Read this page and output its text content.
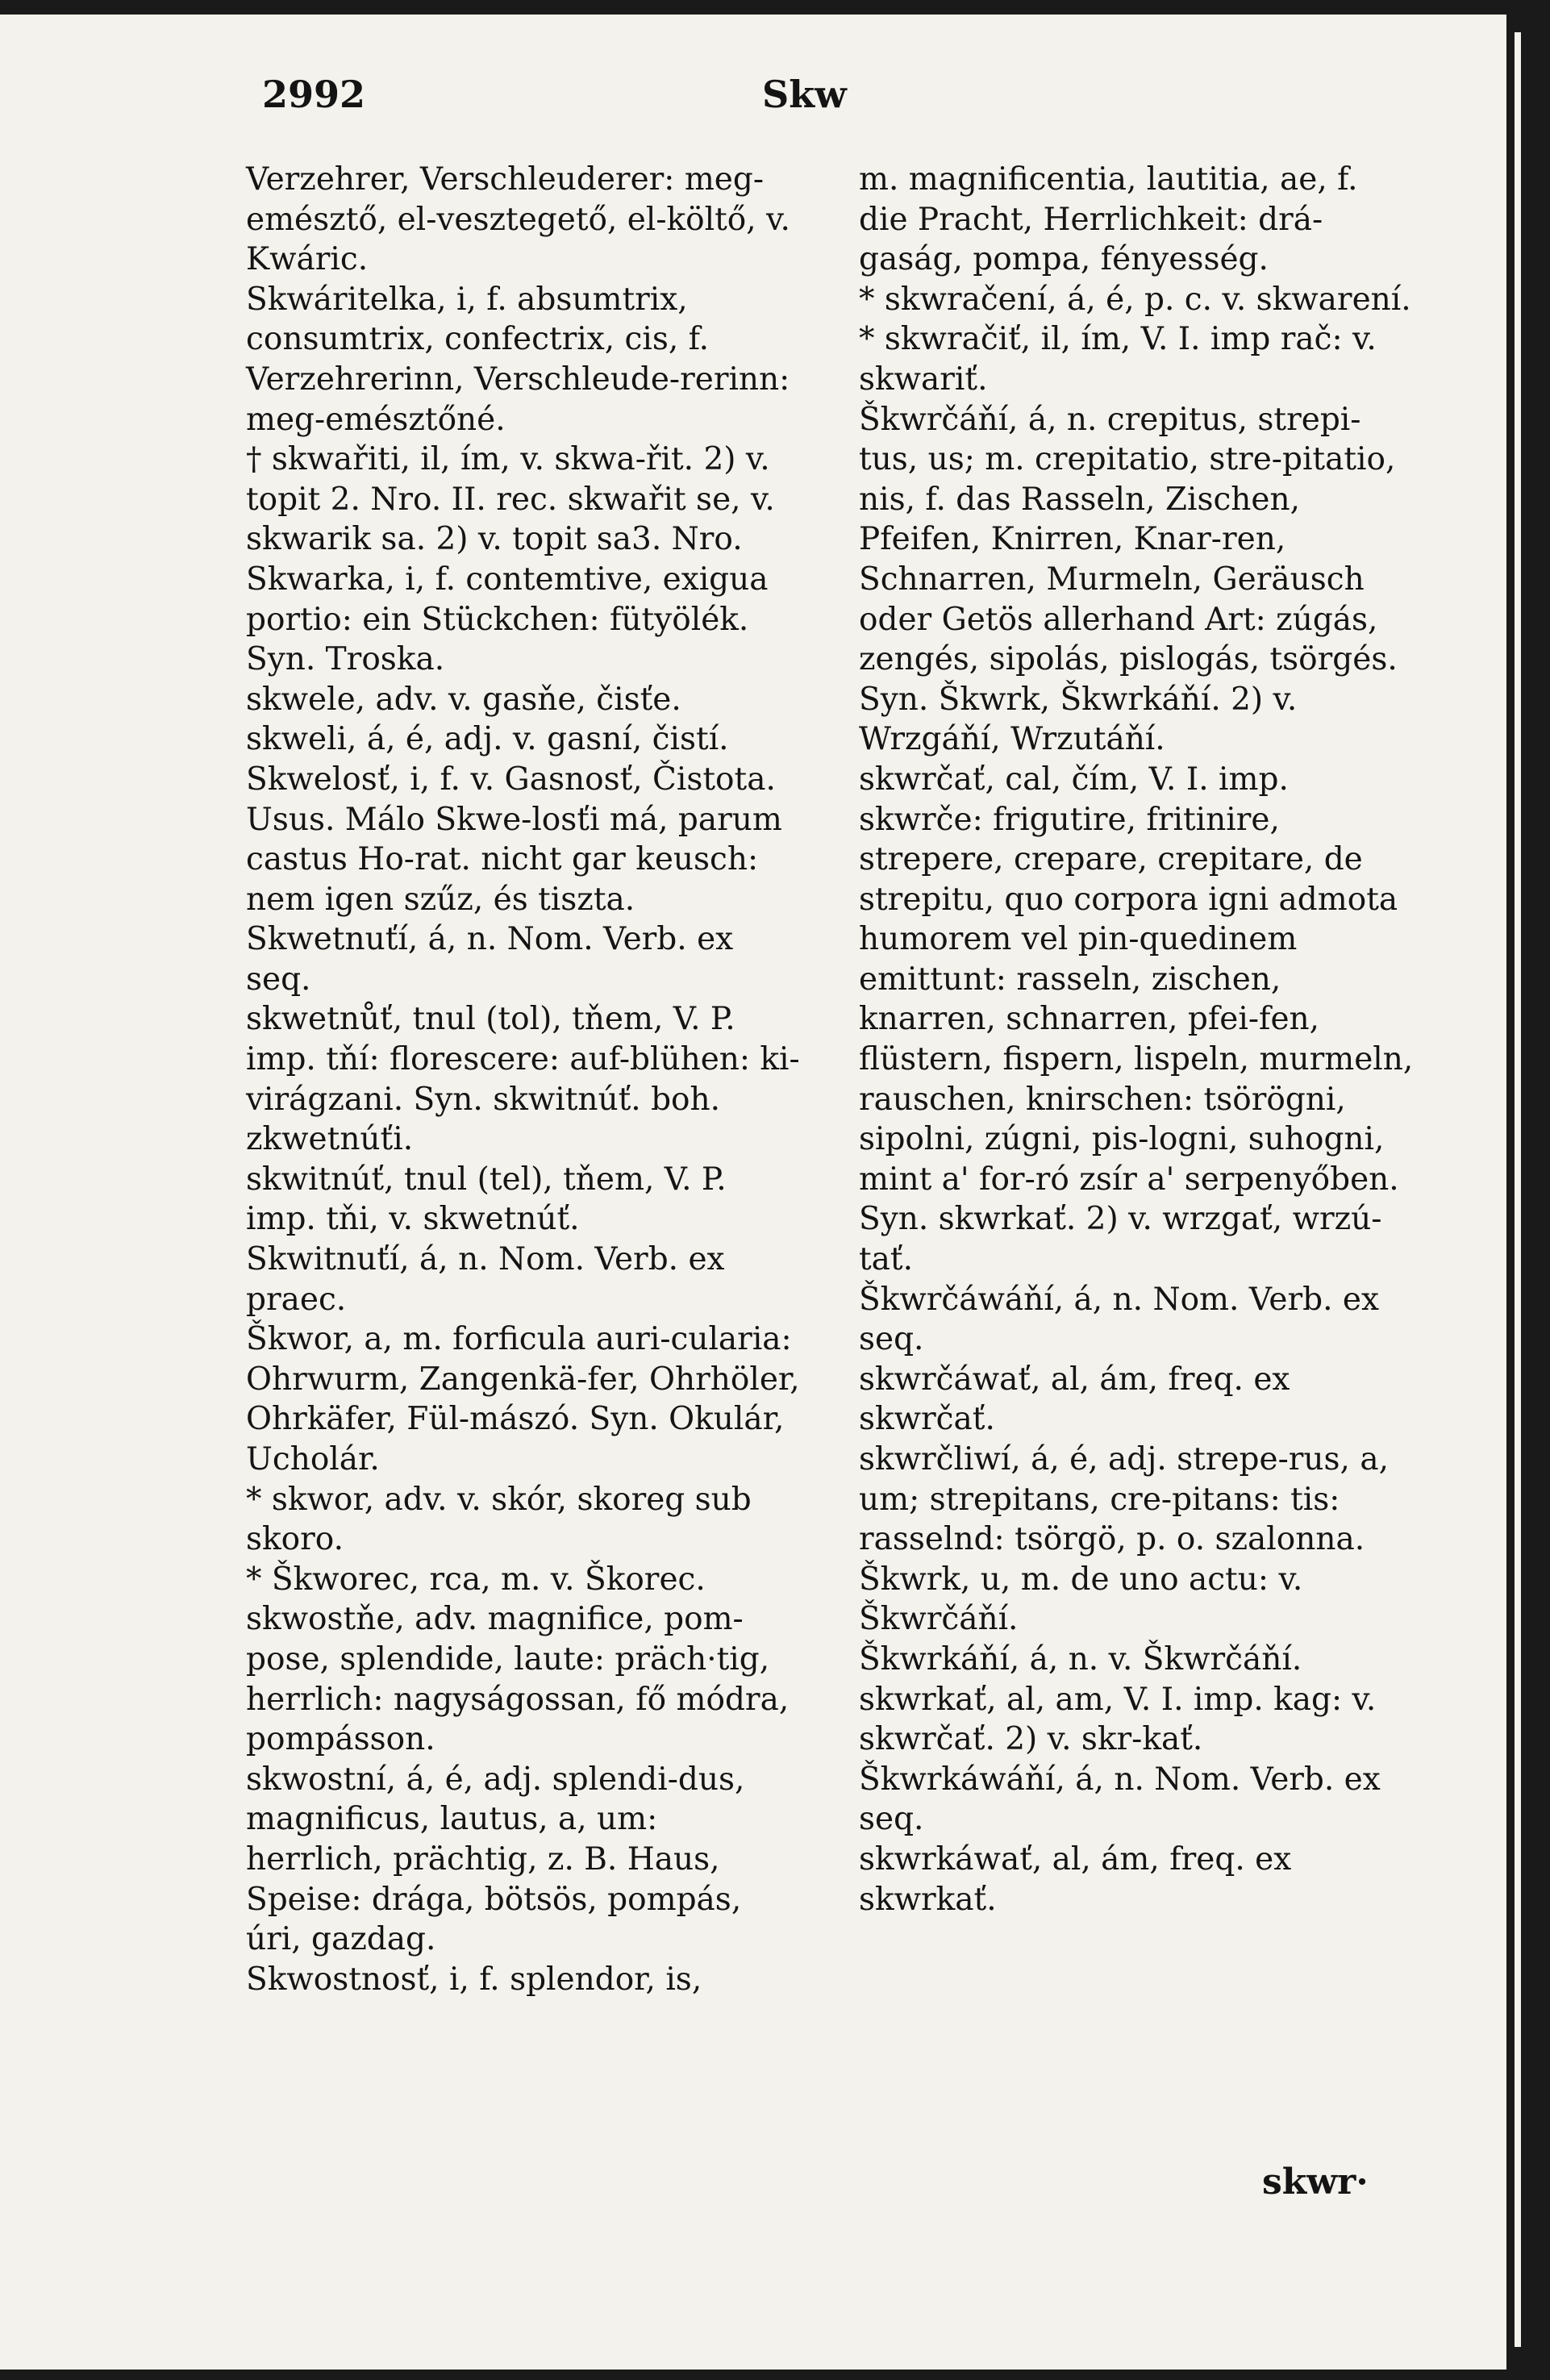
2992	Skw

Verzehrer, Verschleuderer: meg-emésztő, el-vesztegető, el-költő, v. Kwáric.

Skwáritelka, i, f. absumtrix, consumtrix, confectrix, cis, f. Verzehrerinn, Verschleude-rerinn: meg-emésztőné.

† skwařiti, il, ím, v. skwa-řit. 2) v. topit 2. Nro. II. rec. skwařit se, v. skwarik sa. 2) v. topit sa3. Nro.

Skwarka, i, f. contemtive, exigua portio: ein Stückchen: fütyölék. Syn. Troska.

skwele, adv. v. gasňe, čisťe.

skweli, á, é, adj. v. gasní, čistí.

Skwelosť, i, f. v. Gasnosť, Čistota. Usus. Málo Skwe-losťi má, parum castus Ho-rat. nicht gar keusch: nem igen szűz, és tiszta.

Skwetnuťí, á, n. Nom. Verb. ex seq.

skwetnůť, tnul (tol), tňem, V. P. imp. tňí: florescere: auf-blühen: ki-virágzani. Syn. skwitnúť. boh. zkwetnúťi.

skwitnúť, tnul (tel), tňem, V. P. imp. tňi, v. skwetnúť.

Skwitnuťí, á, n. Nom. Verb. ex praec.

Škwor, a, m. forficula auri-cularia: Ohrwurm, Zangenkä-fer, Ohrhöler, Ohrkäfer, Fül-mászó. Syn. Okulár, Ucholár.

* skwor, adv. v. skór, skoreg sub skoro.

* Škworec, rca, m. v. Škorec.

skwostňe, adv. magnifice, pom-pose, splendide, laute: präch·tig, herrlich: nagyságossan, fő módra, pompásson.

skwostní, á, é, adj. splendi-dus, magnificus, lautus, a, um: herrlich, prächtig, z. B. Haus, Speise: drága, bötsös, pompás, úri, gazdag.

Skwostnosť, i, f. splendor, is,

m. magnificentia, lautitia, ae, f. die Pracht, Herrlichkeit: drá-gaság, pompa, fényesség.

* skwračení, á, é, p. c. v. skwarení.

* skwračiť, il, ím, V. I. imp rač: v. skwariť.

Škwrčáňí, á, n. crepitus, strepi-tus, us; m. crepitatio, stre-pitatio, nis, f. das Rasseln, Zischen, Pfeifen, Knirren, Knar-ren, Schnarren, Murmeln, Geräusch oder Getös allerhand Art: zúgás, zengés, sipolás, pislogás, tsörgés. Syn. Škwrk, Škwrkáňí. 2) v. Wrzgáňí, Wrzutáňí.

skwrčať, cal, čím, V. I. imp. skwrče: frigutire, fritinire, strepere, crepare, crepitare, de strepitu, quo corpora igni admota humorem vel pin-quedinem emittunt: rasseln, zischen, knarren, schnarren, pfei-fen, flüstern, fispern, lispeln, murmeln, rauschen, knirschen: tsörögni, sipolni, zúgni, pis-logni, suhogni, mint a' for-ró zsír a' serpenyőben. Syn. skwrkať. 2) v. wrzgať, wrzú-tať.

Škwrčáwáňí, á, n. Nom. Verb. ex seq.

skwrčáwať, al, ám, freq. ex skwrčať.

skwrčliwí, á, é, adj. strepe-rus, a, um; strepitans, cre-pitans: tis: rasselnd: tsörgö, p. o. szalonna.

Škwrk, u, m. de uno actu: v. Škwrčáňí.

Škwrkáňí, á, n. v. Škwrčáňí.

skwrkať, al, am, V. I. imp. kag: v. skwrčať. 2) v. skr-kať.

Škwrkáwáňí, á, n. Nom. Verb. ex seq.

skwrkáwať, al, ám, freq. ex skwrkať.

skwr·
